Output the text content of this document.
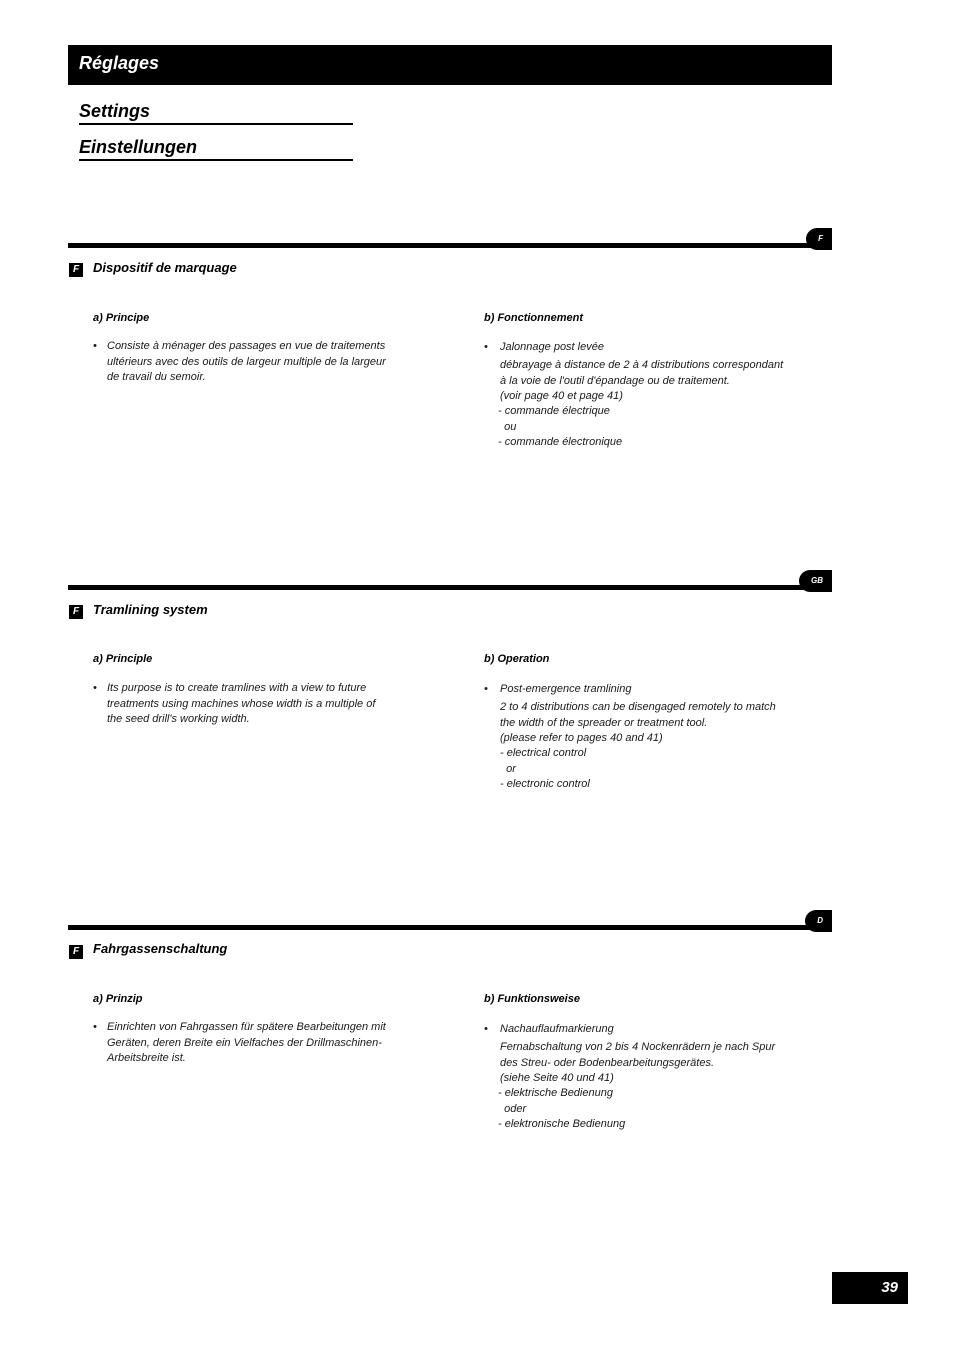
Réglages
Settings
Einstellungen
F
F	Dispositif de marquage
a) Principe	b) Fonctionnement
• Consiste à ménager des passages en vue de traitements
ultérieurs avec des outils de largeur multiple de la largeur
de travail du semoir.
• Jalonnage post levée
débrayage à distance de 2 à 4 distributions correspondant
à la voie de l'outil d'épandage ou de traitement.
(voir page 40 et page 41)
- commande électrique
ou
- commande électronique
GB
F	Tramlining system
a) Principle	b) Operation
• Its purpose is to create tramlines with a view to future
treatments using machines whose width is a multiple of
the seed drill's working width.
• Post-emergence tramlining
2 to 4 distributions can be disengaged remotely to match
the width of the spreader or treatment tool.
(please refer to pages 40 and 41)
- electrical control
or
- electronic control
D
F	Fahrgassenschaltung
a) Prinzip	b) Funktionsweise
• Einrichten von Fahrgassen für spätere Bearbeitungen mit
Geräten, deren Breite ein Vielfaches der Drillmaschinen-
Arbeitsbreite ist.
• Nachauflaufmarkierung
Fernabschaltung von 2 bis 4 Nockenrädern je nach Spur
des Streu- oder Bodenbearbeitungsgerätes.
(siehe Seite 40 und 41)
- elektrische Bedienung
oder
- elektronische Bedienung
39
